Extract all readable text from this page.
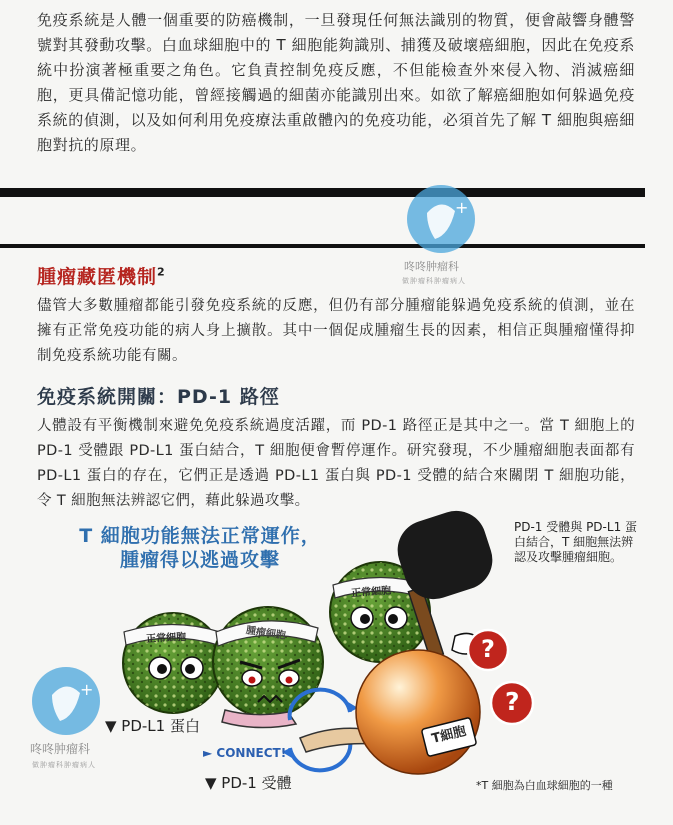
免疫系統是人體一個重要的防癌機制，一旦發現任何無法識別的物質，便會敲響身體警號對其發動攻擊。白血球細胞中的 T 細胞能夠識別、捕獲及破壞癌細胞，因此在免疫系統中扮演著極重要之角色。它負責控制免疫反應，不但能檢查外來侵入物、消滅癌細胞，更具備記憶功能，曾經接觸過的細菌亦能識別出來。如欲了解癌細胞如何躲過免疫系統的偵測，以及如何利用免疫療法重啟體內的免疫功能，必須首先了解 T 細胞與癌細胞對抗的原理。

腫瘤藏匿機制$^2$

儘管大多數腫瘤都能引發免疫系統的反應，但仍有部分腫瘤能躲過免疫系統的偵測，並在擁有正常免疫功能的病人身上擴散。其中一個促成腫瘤生長的因素，相信正與腫瘤懂得抑制免疫系統功能有關。

免疫系統開關：PD-1 路徑

人體設有平衡機制來避免免疫系統過度活躍，而 PD-1 路徑正是其中之一。當 T 細胞上的 PD-1 受體跟 PD-L1 蛋白結合，T 細胞便會暫停運作。研究發現，不少腫瘤細胞表面都有 PD-L1 蛋白的存在，它們正是透過 PD-L1 蛋白與 PD-1 受體的結合來關閉 T 細胞功能，令 T 細胞無法辨認它們，藉此躲過攻擊。

T 細胞功能無法正常運作，
腫瘤得以逃過攻擊
PD-1 受體與 PD-L1 蛋白結合，T 細胞無法辨認及攻擊腫瘤細胞。
正常細胞
正常細胞	腫瘤細胞
T細胞
?
?
▼ PD-L1 蛋白
► CONNECT!
▼ PD-1 受體	*T 細胞為白血球細胞的一種
+
咚咚肿瘤科
做肿瘤科肿瘤病人
+
咚咚肿瘤科
做肿瘤科肿瘤病人
